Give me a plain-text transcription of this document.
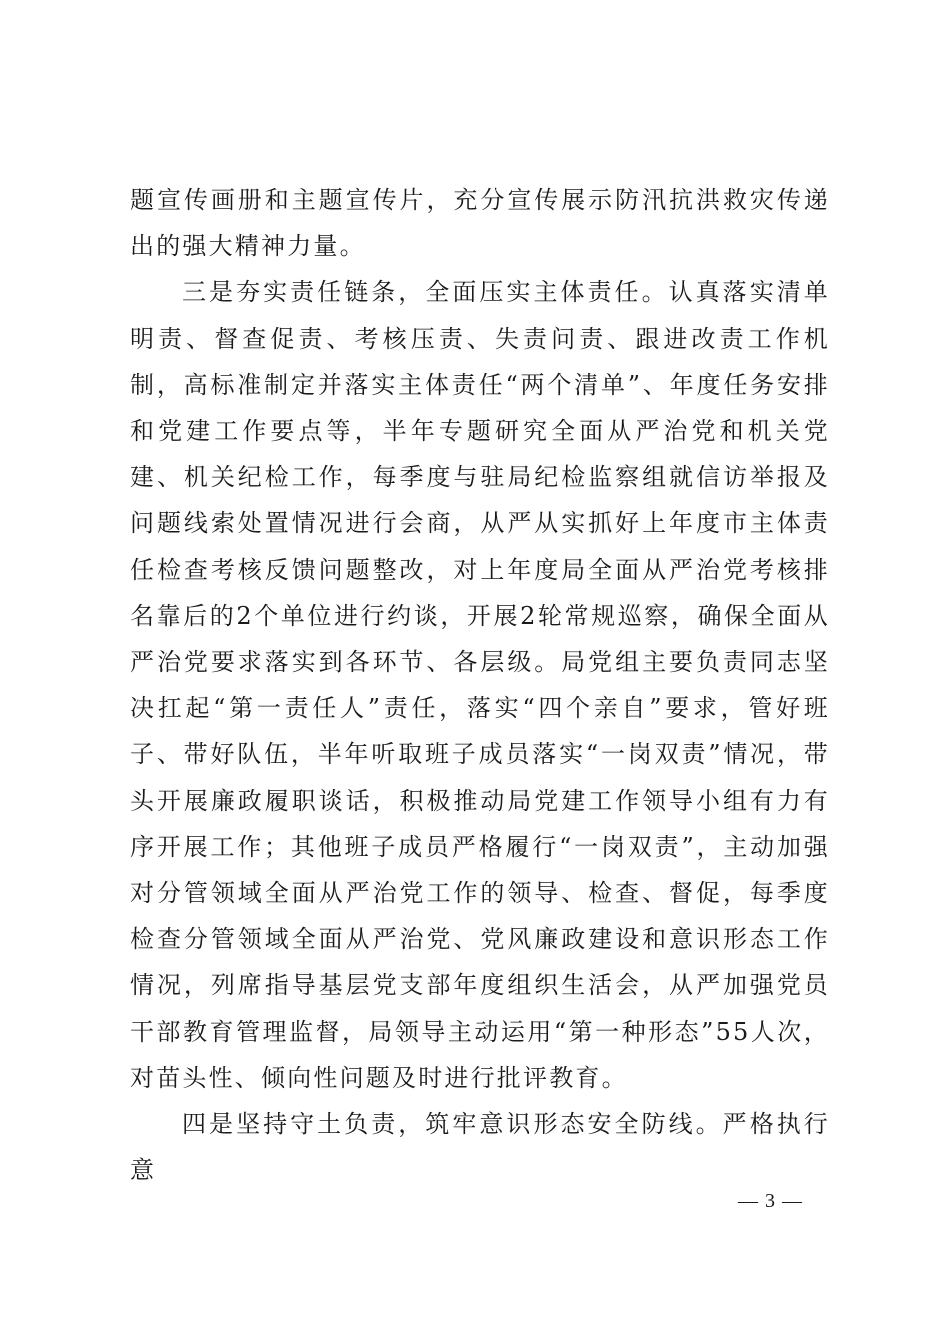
题宣传画册和主题宣传片，充分宣传展示防汛抗洪救灾传递出的强大精神力量。

三是夯实责任链条，全面压实主体责任。认真落实清单明责、督查促责、考核压责、失责问责、跟进改责工作机制，高标准制定并落实主体责任“两个清单”、年度任务安排和党建工作要点等，半年专题研究全面从严治党和机关党建、机关纪检工作，每季度与驻局纪检监察组就信访举报及问题线索处置情况进行会商，从严从实抓好上年度市主体责任检查考核反馈问题整改，对上年度局全面从严治党考核排名靠后的2个单位进行约谈，开展2轮常规巡察，确保全面从严治党要求落实到各环节、各层级。局党组主要负责同志坚决扛起“第一责任人”责任，落实“四个亲自”要求，管好班子、带好队伍，半年听取班子成员落实“一岗双责”情况，带头开展廉政履职谈话，积极推动局党建工作领导小组有力有序开展工作；其他班子成员严格履行“一岗双责”，主动加强对分管领域全面从严治党工作的领导、检查、督促，每季度检查分管领域全面从严治党、党风廉政建设和意识形态工作情况，列席指导基层党支部年度组织生活会，从严加强党员干部教育管理监督，局领导主动运用“第一种形态”55人次，对苗头性、倾向性问题及时进行批评教育。

四是坚持守土负责，筑牢意识形态安全防线。严格执行意

— 3 —
